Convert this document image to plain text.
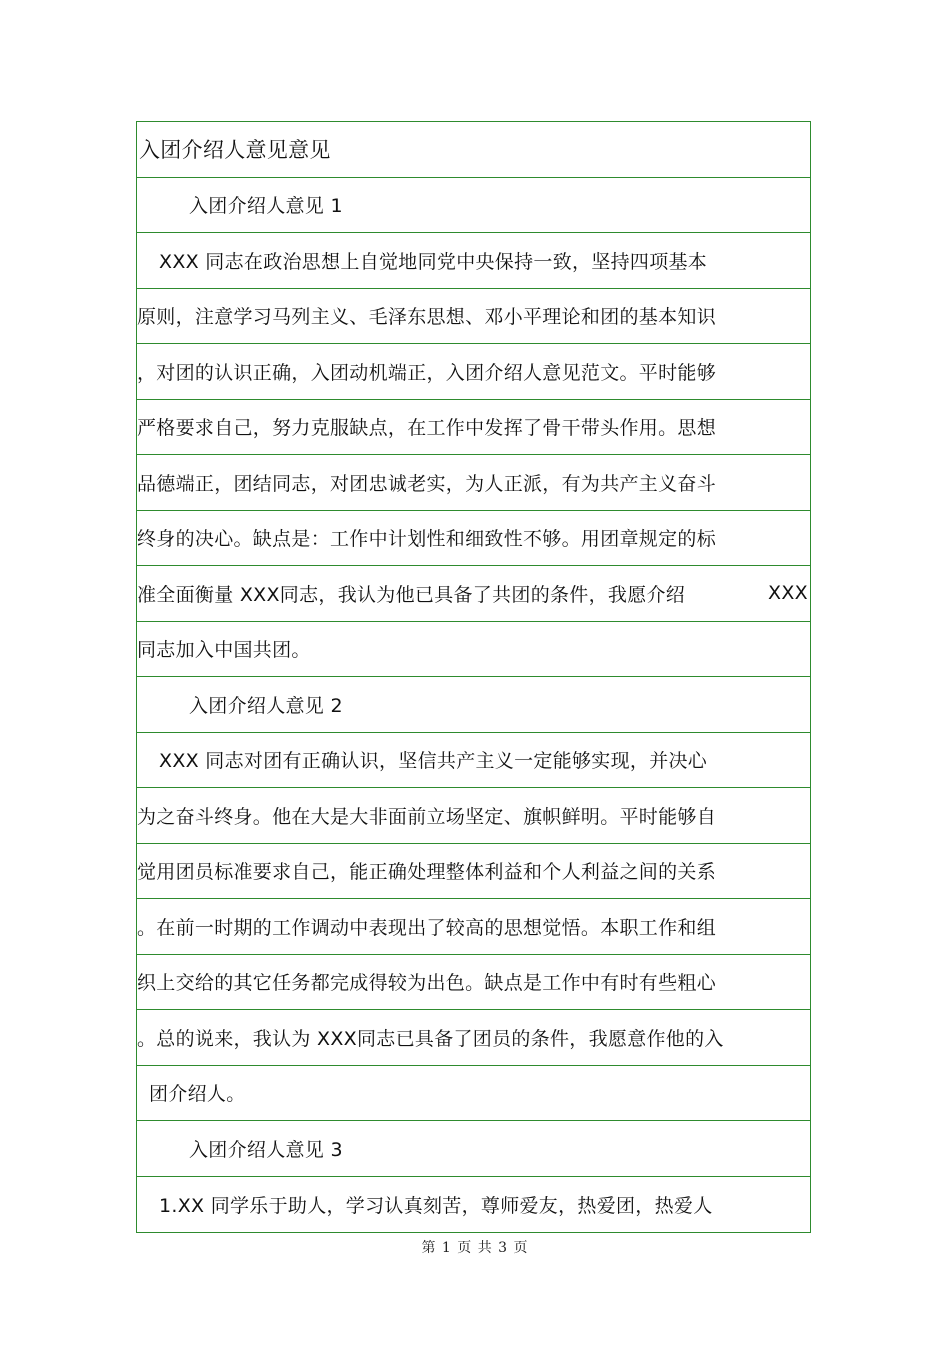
入团介绍人意见意见
入团介绍人意见 1
XXX 同志在政治思想上自觉地同党中央保持一致，坚持四项基本
原则，注意学习马列主义、毛泽东思想、邓小平理论和团的基本知识
，对团的认识正确，入团动机端正，入团介绍人意见范文。平时能够
严格要求自己，努力克服缺点，在工作中发挥了骨干带头作用。思想
品德端正，团结同志，对团忠诚老实，为人正派，有为共产主义奋斗
终身的决心。缺点是：工作中计划性和细致性不够。用团章规定的标
准全面衡量 XXX同志，我认为他已具备了共团的条件，我愿介绍	XXX
同志加入中国共团。
入团介绍人意见 2
XXX 同志对团有正确认识，坚信共产主义一定能够实现，并决心
为之奋斗终身。他在大是大非面前立场坚定、旗帜鲜明。平时能够自
觉用团员标准要求自己，能正确处理整体利益和个人利益之间的关系
。在前一时期的工作调动中表现出了较高的思想觉悟。本职工作和组
织上交给的其它任务都完成得较为出色。缺点是工作中有时有些粗心
。总的说来，我认为 XXX同志已具备了团员的条件，我愿意作他的入
团介绍人。
入团介绍人意见 3
1.XX 同学乐于助人，学习认真刻苦，尊师爱友，热爱团，热爱人
第 1 页 共 3 页
